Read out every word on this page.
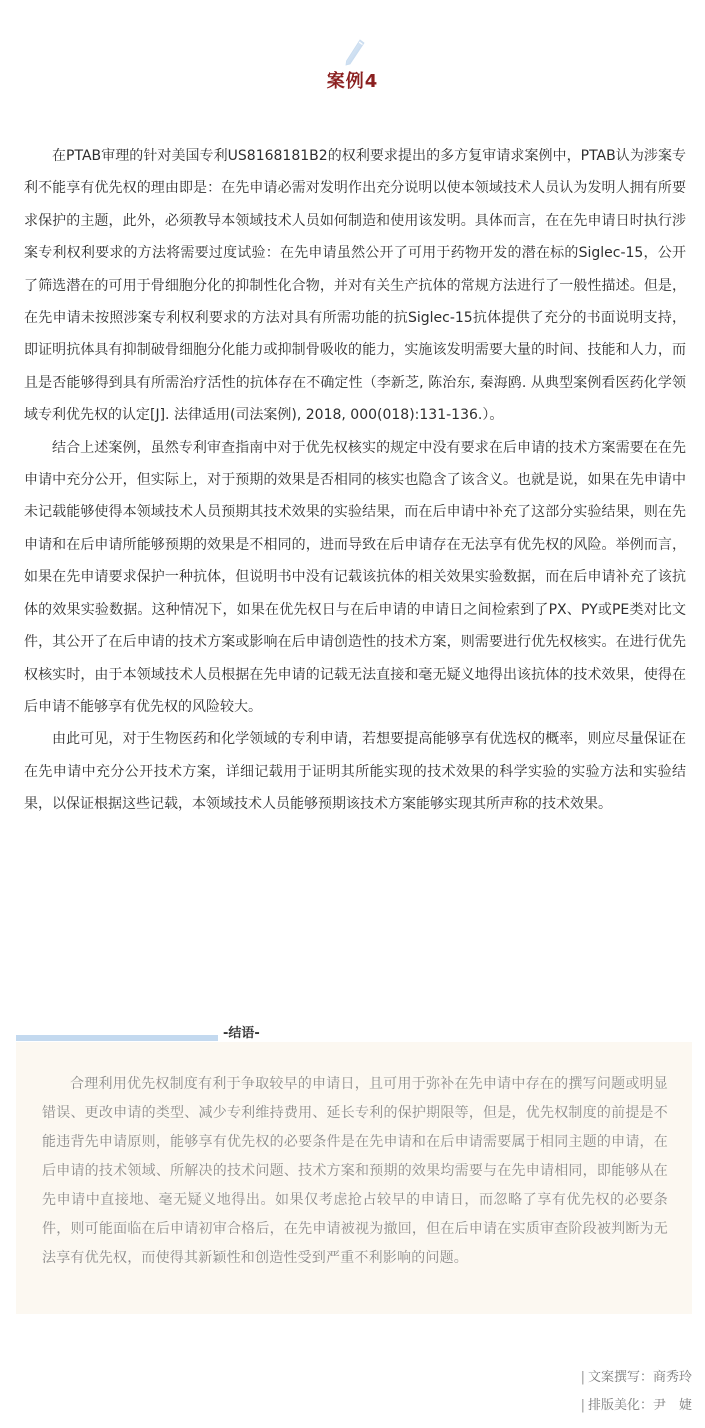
案例4

在PTAB审理的针对美国专利US8168181B2的权利要求提出的多方复审请求案例中，PTAB认为涉案专利不能享有优先权的理由即是：在先申请必需对发明作出充分说明以使本领域技术人员认为发明人拥有所要求保护的主题，此外，必须教导本领域技术人员如何制造和使用该发明。具体而言，在在先申请日时执行涉案专利权利要求的方法将需要过度试验：在先申请虽然公开了可用于药物开发的潜在标的Siglec-15，公开了筛选潜在的可用于骨细胞分化的抑制性化合物，并对有关生产抗体的常规方法进行了一般性描述。但是，在先申请未按照涉案专利权利要求的方法对具有所需功能的抗Siglec-15抗体提供了充分的书面说明支持，即证明抗体具有抑制破骨细胞分化能力或抑制骨吸收的能力，实施该发明需要大量的时间、技能和人力，而且是否能够得到具有所需治疗活性的抗体存在不确定性（李新芝, 陈治东, 秦海鸥. 从典型案例看医药化学领域专利优先权的认定[J]. 法律适用(司法案例), 2018, 000(018):131-136.）。

结合上述案例，虽然专利审查指南中对于优先权核实的规定中没有要求在后申请的技术方案需要在在先申请中充分公开，但实际上，对于预期的效果是否相同的核实也隐含了该含义。也就是说，如果在先申请中未记载能够使得本领域技术人员预期其技术效果的实验结果，而在后申请中补充了这部分实验结果，则在先申请和在后申请所能够预期的效果是不相同的，进而导致在后申请存在无法享有优先权的风险。举例而言，如果在先申请要求保护一种抗体，但说明书中没有记载该抗体的相关效果实验数据，而在后申请补充了该抗体的效果实验数据。这种情况下，如果在优先权日与在后申请的申请日之间检索到了PX、PY或PE类对比文件，其公开了在后申请的技术方案或影响在后申请创造性的技术方案，则需要进行优先权核实。在进行优先权核实时，由于本领域技术人员根据在先申请的记载无法直接和毫无疑义地得出该抗体的技术效果，使得在后申请不能够享有优先权的风险较大。

由此可见，对于生物医药和化学领域的专利申请，若想要提高能够享有优选权的概率，则应尽量保证在在先申请中充分公开技术方案，详细记载用于证明其所能实现的技术效果的科学实验的实验方法和实验结果，以保证根据这些记载，本领域技术人员能够预期该技术方案能够实现其所声称的技术效果。

-结语-

合理利用优先权制度有利于争取较早的申请日，且可用于弥补在先申请中存在的撰写问题或明显错误、更改申请的类型、减少专利维持费用、延长专利的保护期限等，但是，优先权制度的前提是不能违背先申请原则，能够享有优先权的必要条件是在先申请和在后申请需要属于相同主题的申请，在后申请的技术领域、所解决的技术问题、技术方案和预期的效果均需要与在先申请相同，即能够从在先申请中直接地、毫无疑义地得出。如果仅考虑抢占较早的申请日，而忽略了享有优先权的必要条件，则可能面临在后申请初审合格后，在先申请被视为撤回，但在后申请在实质审查阶段被判断为无法享有优先权，而使得其新颖性和创造性受到严重不利影响的问题。

| 文案撰写：商秀玲
| 排版美化：尹　婕
